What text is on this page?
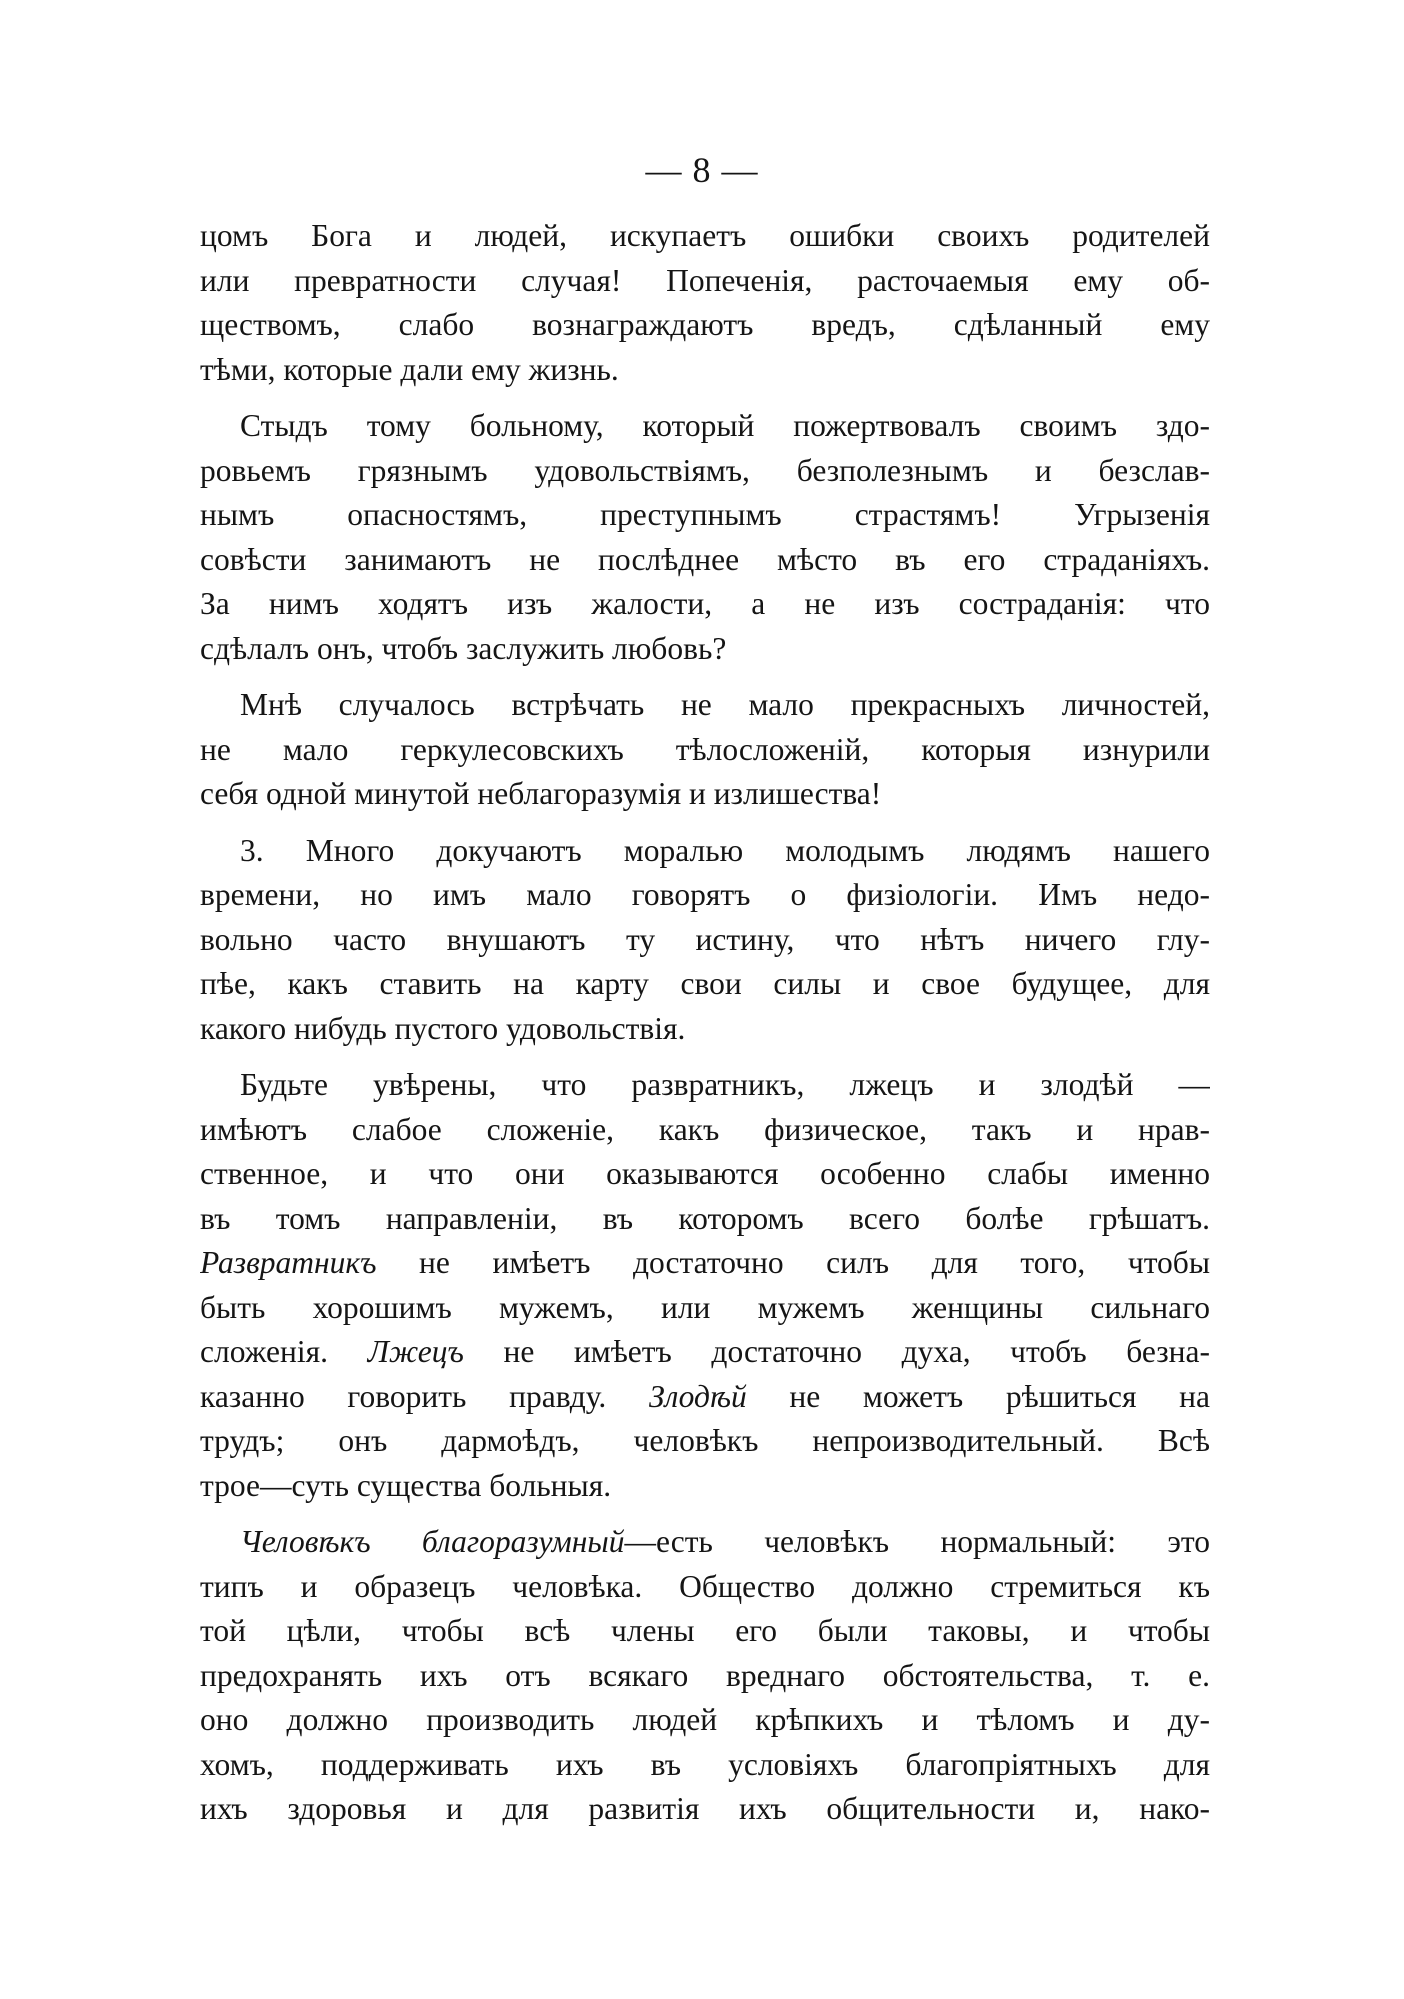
— 8 —

цомъ Бога и людей, искупаетъ ошибки своихъ родителей
или превратности случая! Попеченія, расточаемыя ему об-
ществомъ, слабо вознаграждаютъ вредъ, сдѣланный ему
тѣми, которые дали ему жизнь.

Стыдъ тому больному, который пожертвовалъ своимъ здо-
ровьемъ грязнымъ удовольствіямъ, безполезнымъ и безслав-
нымъ опасностямъ, преступнымъ страстямъ! Угрызенія
совѣсти занимаютъ не послѣднее мѣсто въ его страданіяхъ.
За нимъ ходятъ изъ жалости, а не изъ состраданія: что
сдѣлалъ онъ, чтобъ заслужить любовь?

Мнѣ случалось встрѣчать не мало прекрасныхъ личностей,
не мало геркулесовскихъ тѣлосложеній, которыя изнурили
себя одной минутой неблагоразумія и излишества!

3. Много докучаютъ моралью молодымъ людямъ нашего
времени, но имъ мало говорятъ о физіологіи. Имъ недо-
вольно часто внушаютъ ту истину, что нѣтъ ничего глу-
пѣе, какъ ставить на карту свои силы и свое будущее, для
какого нибудь пустого удовольствія.

Будьте увѣрены, что развратникъ, лжецъ и злодѣй —
имѣютъ слабое сложеніе, какъ физическое, такъ и нрав-
ственное, и что они оказываются особенно слабы именно
въ томъ направленіи, въ которомъ всего болѣе грѣшатъ.
Развратникъ не имѣетъ достаточно силъ для того, чтобы
быть хорошимъ мужемъ, или мужемъ женщины сильнаго
сложенія. Лжецъ не имѣетъ достаточно духа, чтобъ безна-
казанно говорить правду. Злодѣй не можетъ рѣшиться на
трудъ; онъ дармоѣдъ, человѣкъ непроизводительный. Всѣ
трое—суть существа больныя.

Человѣкъ благоразумный—есть человѣкъ нормальный: это
типъ и образецъ человѣка. Общество должно стремиться къ
той цѣли, чтобы всѣ члены его были таковы, и чтобы
предохранять ихъ отъ всякаго вреднаго обстоятельства, т. е.
оно должно производить людей крѣпкихъ и тѣломъ и ду-
хомъ, поддерживать ихъ въ условіяхъ благопріятныхъ для
ихъ здоровья и для развитія ихъ общительности и, нако-
